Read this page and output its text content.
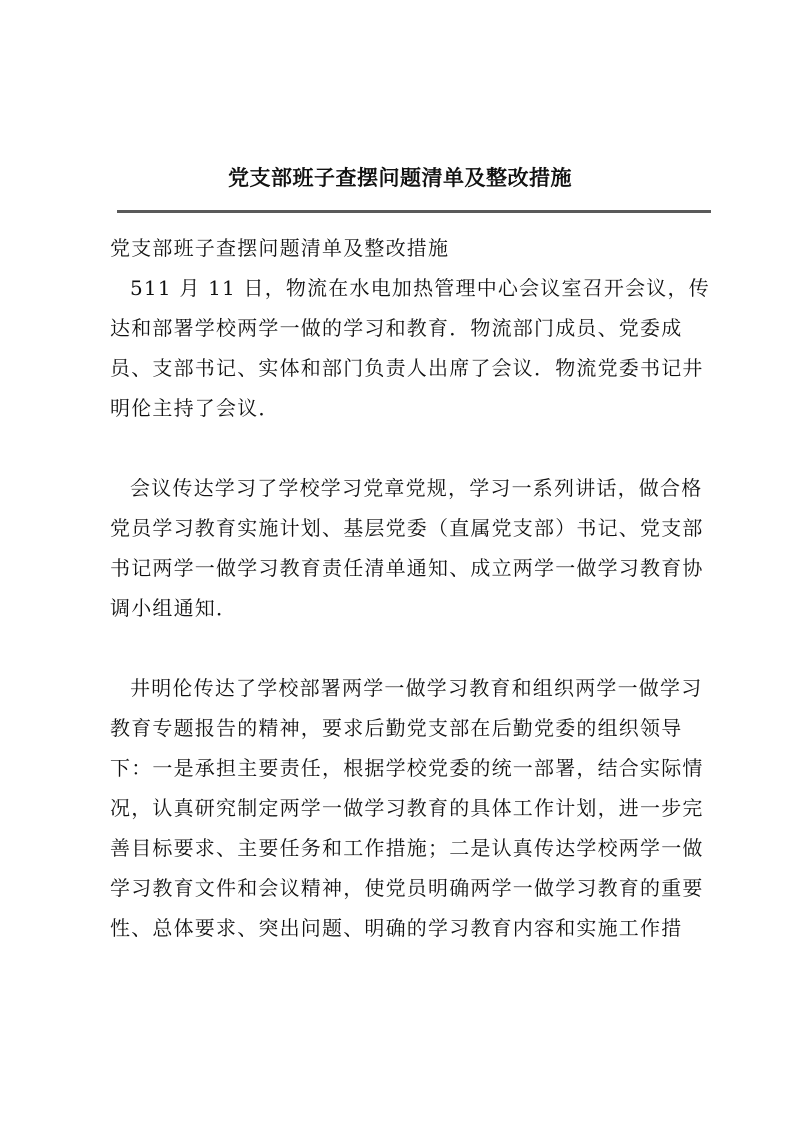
党支部班子查摆问题清单及整改措施

党支部班子查摆问题清单及整改措施

511 月 11 日，物流在水电加热管理中心会议室召开会议，传达和部署学校两学一做的学习和教育．物流部门成员、党委成员、支部书记、实体和部门负责人出席了会议．物流党委书记井明伦主持了会议．

会议传达学习了学校学习党章党规，学习一系列讲话，做合格党员学习教育实施计划、基层党委（直属党支部）书记、党支部书记两学一做学习教育责任清单通知、成立两学一做学习教育协调小组通知．

井明伦传达了学校部署两学一做学习教育和组织两学一做学习教育专题报告的精神，要求后勤党支部在后勤党委的组织领导下：一是承担主要责任，根据学校党委的统一部署，结合实际情况，认真研究制定两学一做学习教育的具体工作计划，进一步完善目标要求、主要任务和工作措施；二是认真传达学校两学一做学习教育文件和会议精神，使党员明确两学一做学习教育的重要性、总体要求、突出问题、明确的学习教育内容和实施工作措
